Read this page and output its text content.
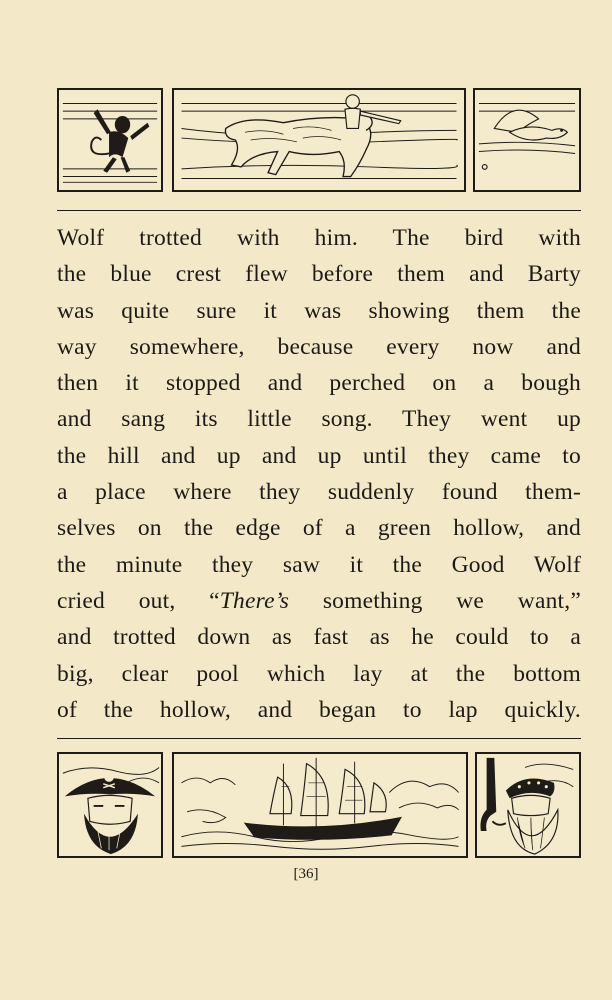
Wolf trotted with him. The bird with
the blue crest flew before them and Barty
was quite sure it was showing them the
way somewhere, because every now and
then it stopped and perched on a bough
and sang its little song. They went up
the hill and up and up until they came to
a place where they suddenly found them-
selves on the edge of a green hollow, and
the minute they saw it the Good Wolf
cried out, “There’s something we want,”
and trotted down as fast as he could to a
big, clear pool which lay at the bottom
of the hollow, and began to lap quickly.
[36]
